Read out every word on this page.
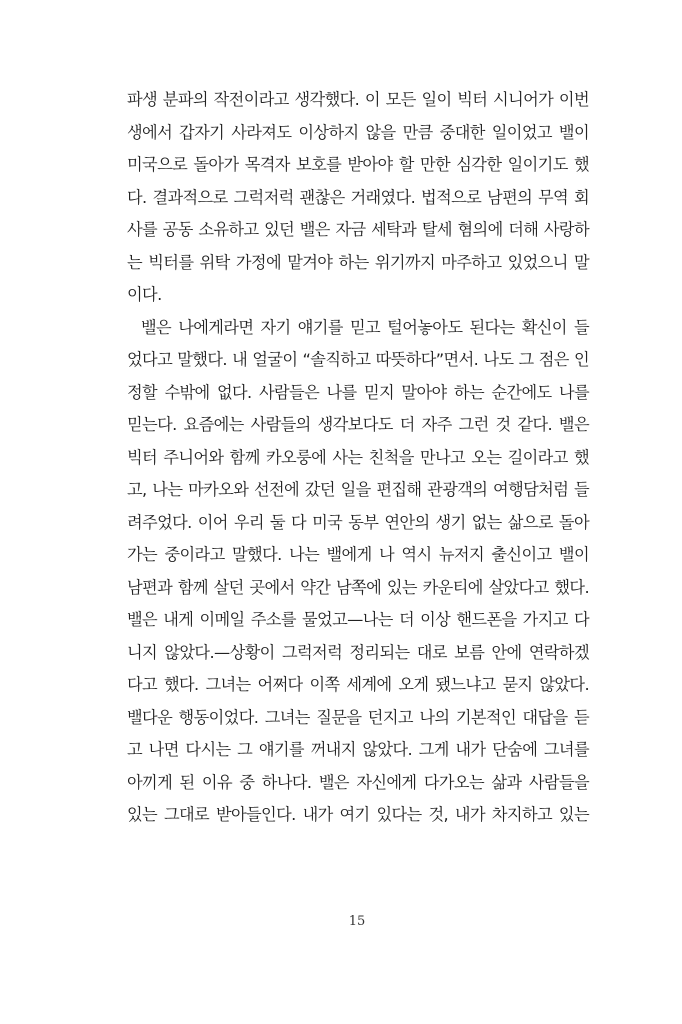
파생 분파의 작전이라고 생각했다. 이 모든 일이 빅터 시니어가 이번
생에서 갑자기 사라져도 이상하지 않을 만큼 중대한 일이었고 밸이
미국으로 돌아가 목격자 보호를 받아야 할 만한 심각한 일이기도 했
다. 결과적으로 그럭저럭 괜찮은 거래였다. 법적으로 남편의 무역 회
사를 공동 소유하고 있던 밸은 자금 세탁과 탈세 혐의에 더해 사랑하
는 빅터를 위탁 가정에 맡겨야 하는 위기까지 마주하고 있었으니 말
이다.
밸은 나에게라면 자기 얘기를 믿고 털어놓아도 된다는 확신이 들
었다고 말했다. 내 얼굴이 “솔직하고 따뜻하다”면서. 나도 그 점은 인
정할 수밖에 없다. 사람들은 나를 믿지 말아야 하는 순간에도 나를
믿는다. 요즘에는 사람들의 생각보다도 더 자주 그런 것 같다. 밸은
빅터 주니어와 함께 카오룽에 사는 친척을 만나고 오는 길이라고 했
고, 나는 마카오와 선전에 갔던 일을 편집해 관광객의 여행담처럼 들
려주었다. 이어 우리 둘 다 미국 동부 연안의 생기 없는 삶으로 돌아
가는 중이라고 말했다. 나는 밸에게 나 역시 뉴저지 출신이고 밸이
남편과 함께 살던 곳에서 약간 남쪽에 있는 카운티에 살았다고 했다.
밸은 내게 이메일 주소를 물었고—나는 더 이상 핸드폰을 가지고 다
니지 않았다.—상황이 그럭저럭 정리되는 대로 보름 안에 연락하겠
다고 했다. 그녀는 어쩌다 이쪽 세계에 오게 됐느냐고 묻지 않았다.
밸다운 행동이었다. 그녀는 질문을 던지고 나의 기본적인 대답을 듣
고 나면 다시는 그 얘기를 꺼내지 않았다. 그게 내가 단숨에 그녀를
아끼게 된 이유 중 하나다. 밸은 자신에게 다가오는 삶과 사람들을
있는 그대로 받아들인다. 내가 여기 있다는 것, 내가 차지하고 있는
15
